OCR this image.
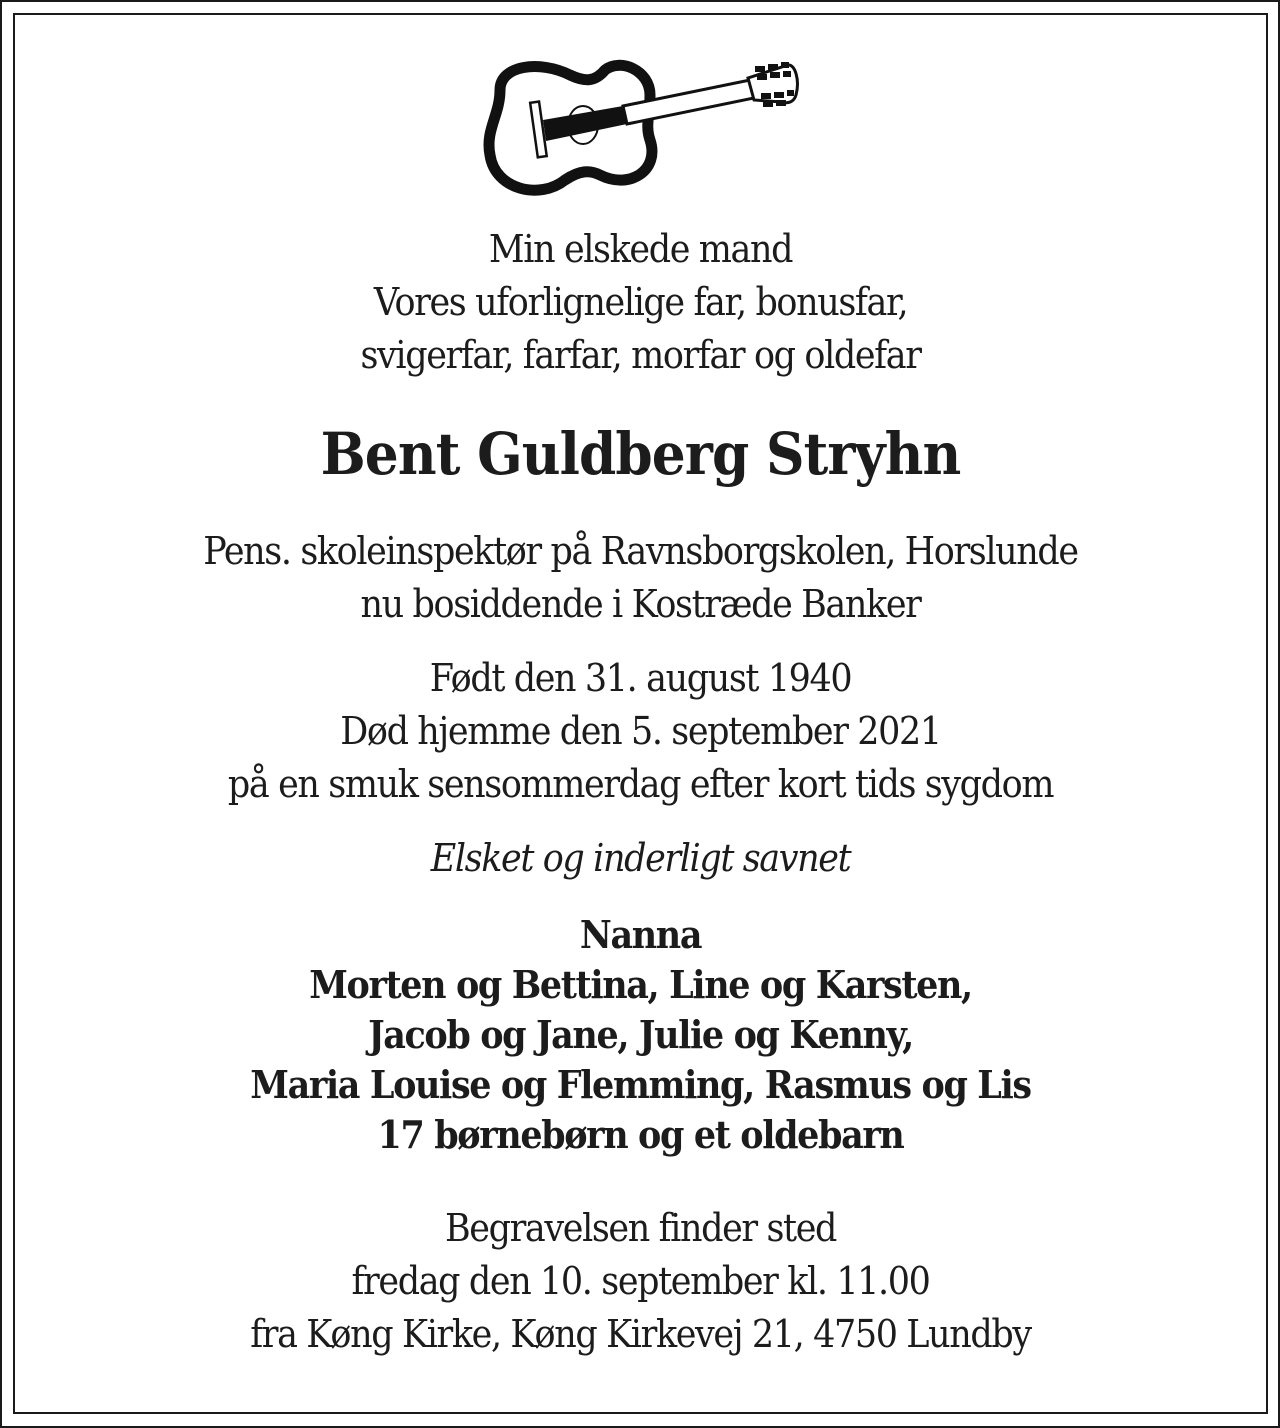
Min elskede mand
Vores uforlignelige far, bonusfar,
svigerfar, farfar, morfar og oldefar
Bent Guldberg Stryhn
Pens. skoleinspektør på Ravnsborgskolen, Horslunde
nu bosiddende i Kostræde Banker
Født den 31. august 1940
Død hjemme den 5. september 2021
på en smuk sensommerdag efter kort tids sygdom
Elsket og inderligt savnet
Nanna
Morten og Bettina, Line og Karsten,
Jacob og Jane, Julie og Kenny,
Maria Louise og Flemming, Rasmus og Lis
17 børnebørn og et oldebarn
Begravelsen finder sted
fredag den 10. september kl. 11.00
fra Køng Kirke, Køng Kirkevej 21, 4750 Lundby
